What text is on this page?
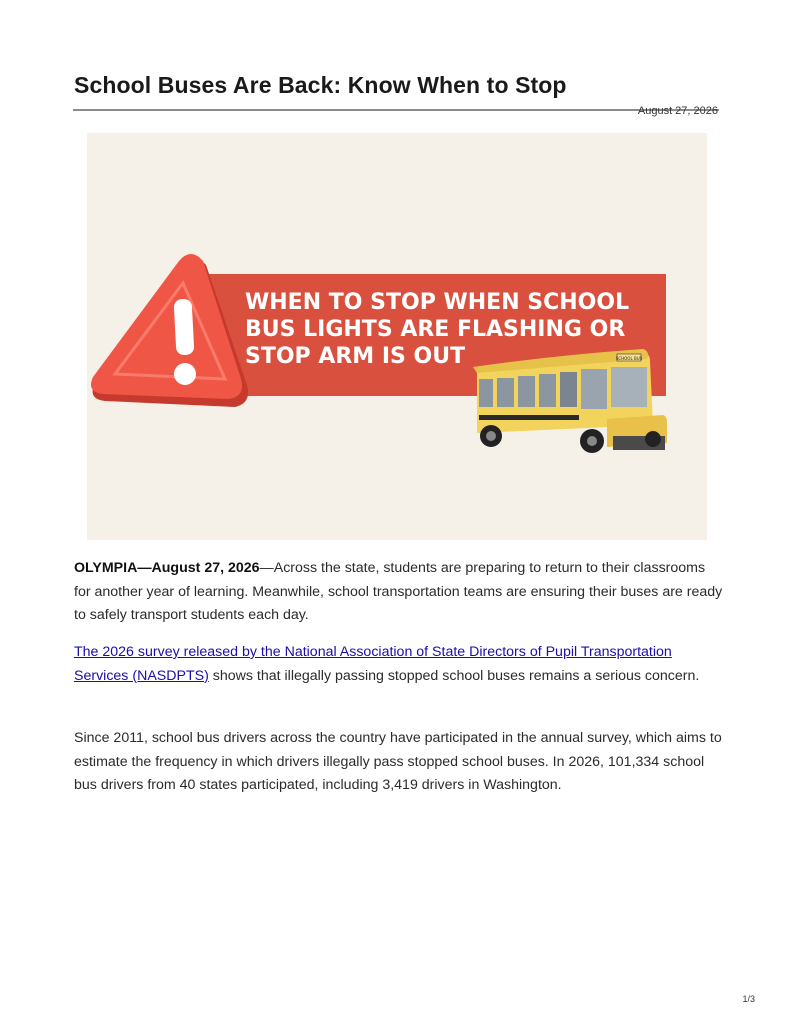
School Buses Are Back: Know When to Stop
August 27, 2026
WHEN TO STOP WHEN SCHOOL
BUS LIGHTS ARE FLASHING OR
STOP ARM IS OUT	SCHOOL BUS

OLYMPIA—August 27, 2026—Across the state, students are preparing to return to their classrooms for another year of learning. Meanwhile, school transportation teams are ensuring their buses are ready to safely transport students each day.

The 2026 survey released by the National Association of State Directors of Pupil Transportation Services (NASDPTS) shows that illegally passing stopped school buses remains a serious concern.

Since 2011, school bus drivers across the country have participated in the annual survey, which aims to estimate the frequency in which drivers illegally pass stopped school buses. In 2026, 101,334 school bus drivers from 40 states participated, including 3,419 drivers in Washington.

1/3
